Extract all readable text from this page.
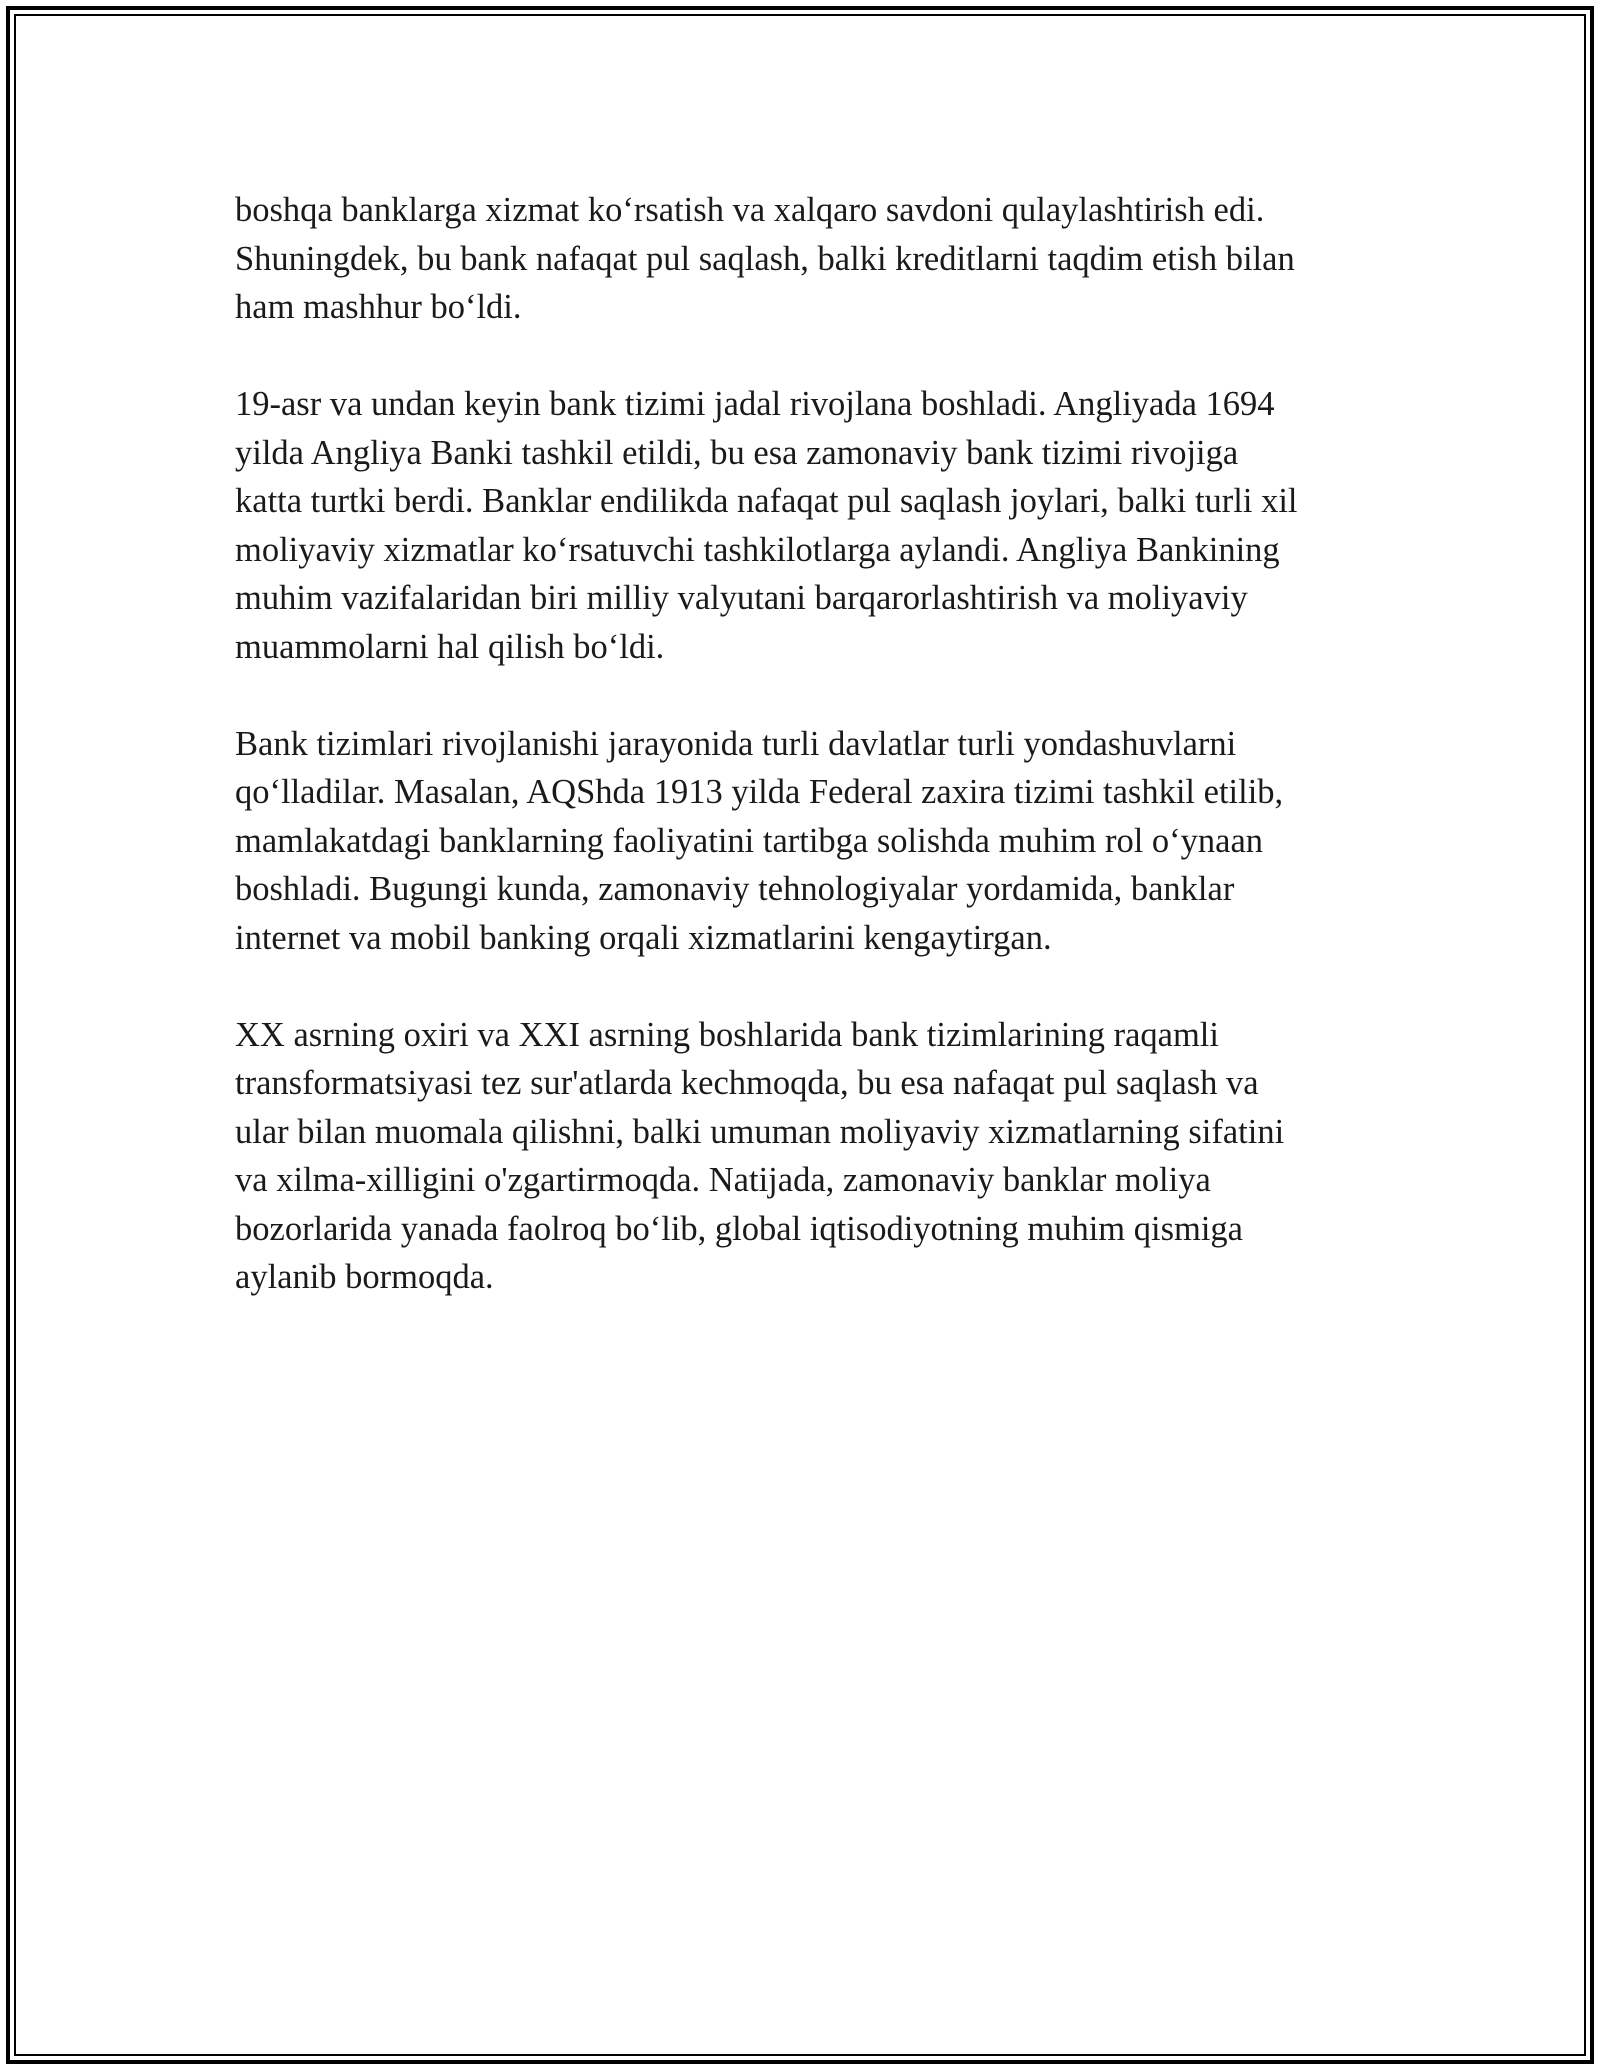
boshqa banklarga xizmat ko‘rsatish va xalqaro savdoni qulaylashtirish edi.
Shuningdek, bu bank nafaqat pul saqlash, balki kreditlarni taqdim etish bilan
ham mashhur bo‘ldi.

19-asr va undan keyin bank tizimi jadal rivojlana boshladi. Angliyada 1694
yilda Angliya Banki tashkil etildi, bu esa zamonaviy bank tizimi rivojiga
katta turtki berdi. Banklar endilikda nafaqat pul saqlash joylari, balki turli xil
moliyaviy xizmatlar ko‘rsatuvchi tashkilotlarga aylandi. Angliya Bankining
muhim vazifalaridan biri milliy valyutani barqarorlashtirish va moliyaviy
muammolarni hal qilish bo‘ldi.

Bank tizimlari rivojlanishi jarayonida turli davlatlar turli yondashuvlarni
qo‘lladilar. Masalan, AQShda 1913 yilda Federal zaxira tizimi tashkil etilib,
mamlakatdagi banklarning faoliyatini tartibga solishda muhim rol o‘ynaan
boshladi. Bugungi kunda, zamonaviy tehnologiyalar yordamida, banklar
internet va mobil banking orqali xizmatlarini kengaytirgan.

XX asrning oxiri va XXI asrning boshlarida bank tizimlarining raqamli
transformatsiyasi tez sur'atlarda kechmoqda, bu esa nafaqat pul saqlash va
ular bilan muomala qilishni, balki umuman moliyaviy xizmatlarning sifatini
va xilma-xilligini o'zgartirmoqda. Natijada, zamonaviy banklar moliya
bozorlarida yanada faolroq bo‘lib, global iqtisodiyotning muhim qismiga
aylanib bormoqda.
